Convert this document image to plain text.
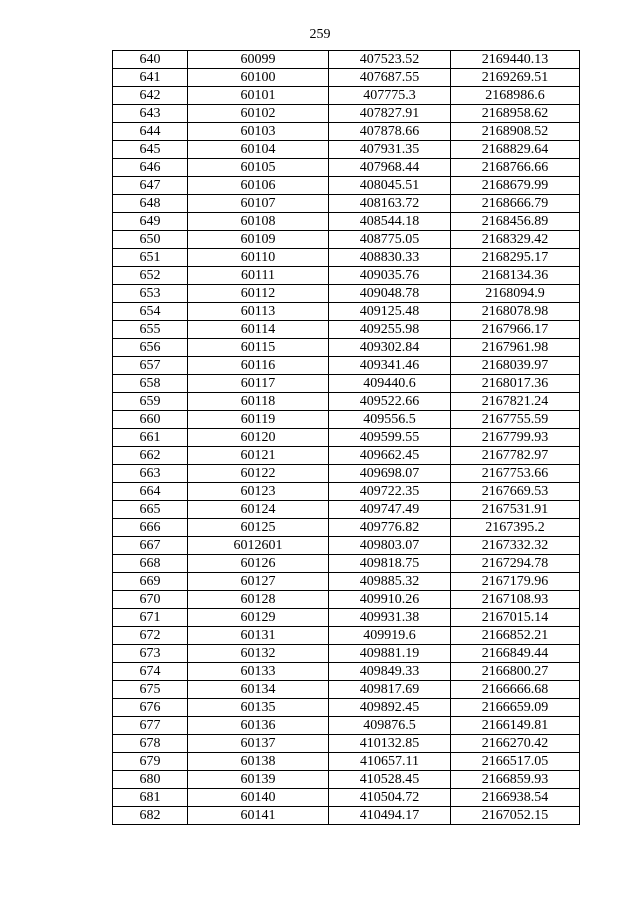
259
640	60099	407523.52	2169440.13
641	60100	407687.55	2169269.51
642	60101	407775.3	2168986.6
643	60102	407827.91	2168958.62
644	60103	407878.66	2168908.52
645	60104	407931.35	2168829.64
646	60105	407968.44	2168766.66
647	60106	408045.51	2168679.99
648	60107	408163.72	2168666.79
649	60108	408544.18	2168456.89
650	60109	408775.05	2168329.42
651	60110	408830.33	2168295.17
652	60111	409035.76	2168134.36
653	60112	409048.78	2168094.9
654	60113	409125.48	2168078.98
655	60114	409255.98	2167966.17
656	60115	409302.84	2167961.98
657	60116	409341.46	2168039.97
658	60117	409440.6	2168017.36
659	60118	409522.66	2167821.24
660	60119	409556.5	2167755.59
661	60120	409599.55	2167799.93
662	60121	409662.45	2167782.97
663	60122	409698.07	2167753.66
664	60123	409722.35	2167669.53
665	60124	409747.49	2167531.91
666	60125	409776.82	2167395.2
667	6012601	409803.07	2167332.32
668	60126	409818.75	2167294.78
669	60127	409885.32	2167179.96
670	60128	409910.26	2167108.93
671	60129	409931.38	2167015.14
672	60131	409919.6	2166852.21
673	60132	409881.19	2166849.44
674	60133	409849.33	2166800.27
675	60134	409817.69	2166666.68
676	60135	409892.45	2166659.09
677	60136	409876.5	2166149.81
678	60137	410132.85	2166270.42
679	60138	410657.11	2166517.05
680	60139	410528.45	2166859.93
681	60140	410504.72	2166938.54
682	60141	410494.17	2167052.15
